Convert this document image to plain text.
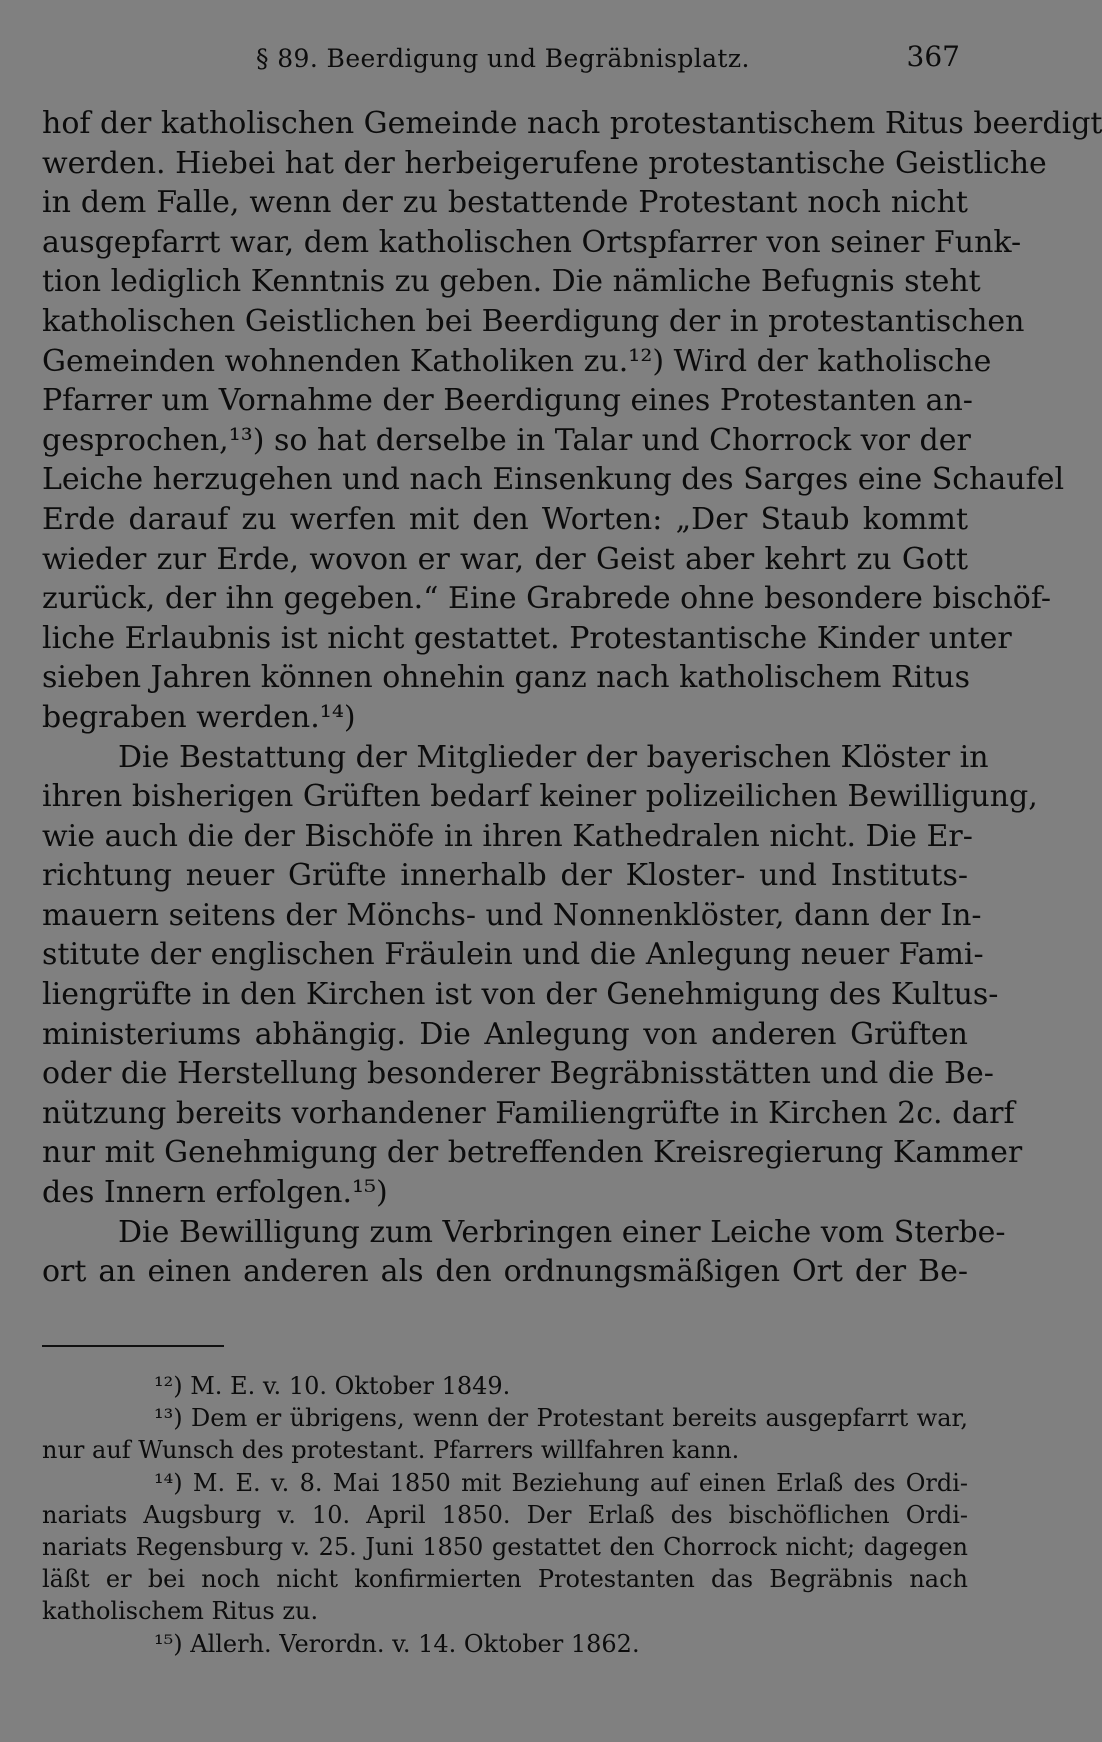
§ 89. Beerdigung und Begräbnisplatz.	367
hof der katholischen Gemeinde nach protestantischem Ritus beerdigt
werden. Hiebei hat der herbeigerufene protestantische Geistliche
in dem Falle, wenn der zu bestattende Protestant noch nicht
ausgepfarrt war, dem katholischen Ortspfarrer von seiner Funk-
tion lediglich Kenntnis zu geben. Die nämliche Befugnis steht
katholischen Geistlichen bei Beerdigung der in protestantischen
Gemeinden wohnenden Katholiken zu.¹²) Wird der katholische
Pfarrer um Vornahme der Beerdigung eines Protestanten an-
gesprochen,¹³) so hat derselbe in Talar und Chorrock vor der
Leiche herzugehen und nach Einsenkung des Sarges eine Schaufel
Erde darauf zu werfen mit den Worten: „Der Staub kommt
wieder zur Erde, wovon er war, der Geist aber kehrt zu Gott
zurück, der ihn gegeben.“ Eine Grabrede ohne besondere bischöf-
liche Erlaubnis ist nicht gestattet. Protestantische Kinder unter
sieben Jahren können ohnehin ganz nach katholischem Ritus
begraben werden.¹⁴)
Die Bestattung der Mitglieder der bayerischen Klöster in
ihren bisherigen Grüften bedarf keiner polizeilichen Bewilligung,
wie auch die der Bischöfe in ihren Kathedralen nicht. Die Er-
richtung neuer Grüfte innerhalb der Kloster- und Instituts-
mauern seitens der Mönchs- und Nonnenklöster, dann der In-
stitute der englischen Fräulein und die Anlegung neuer Fami-
liengrüfte in den Kirchen ist von der Genehmigung des Kultus-
ministeriums abhängig. Die Anlegung von anderen Grüften
oder die Herstellung besonderer Begräbnisstätten und die Be-
nützung bereits vorhandener Familiengrüfte in Kirchen 2c. darf
nur mit Genehmigung der betreffenden Kreisregierung Kammer
des Innern erfolgen.¹⁵)
Die Bewilligung zum Verbringen einer Leiche vom Sterbe-
ort an einen anderen als den ordnungsmäßigen Ort der Be-
¹²) M. E. v. 10. Oktober 1849.
¹³) Dem er übrigens, wenn der Protestant bereits ausgepfarrt war,
nur auf Wunsch des protestant. Pfarrers willfahren kann.
¹⁴) M. E. v. 8. Mai 1850 mit Beziehung auf einen Erlaß des Ordi-
nariats Augsburg v. 10. April 1850. Der Erlaß des bischöflichen Ordi-
nariats Regensburg v. 25. Juni 1850 gestattet den Chorrock nicht; dagegen
läßt er bei noch nicht konfirmierten Protestanten das Begräbnis nach
katholischem Ritus zu.
¹⁵) Allerh. Verordn. v. 14. Oktober 1862.
